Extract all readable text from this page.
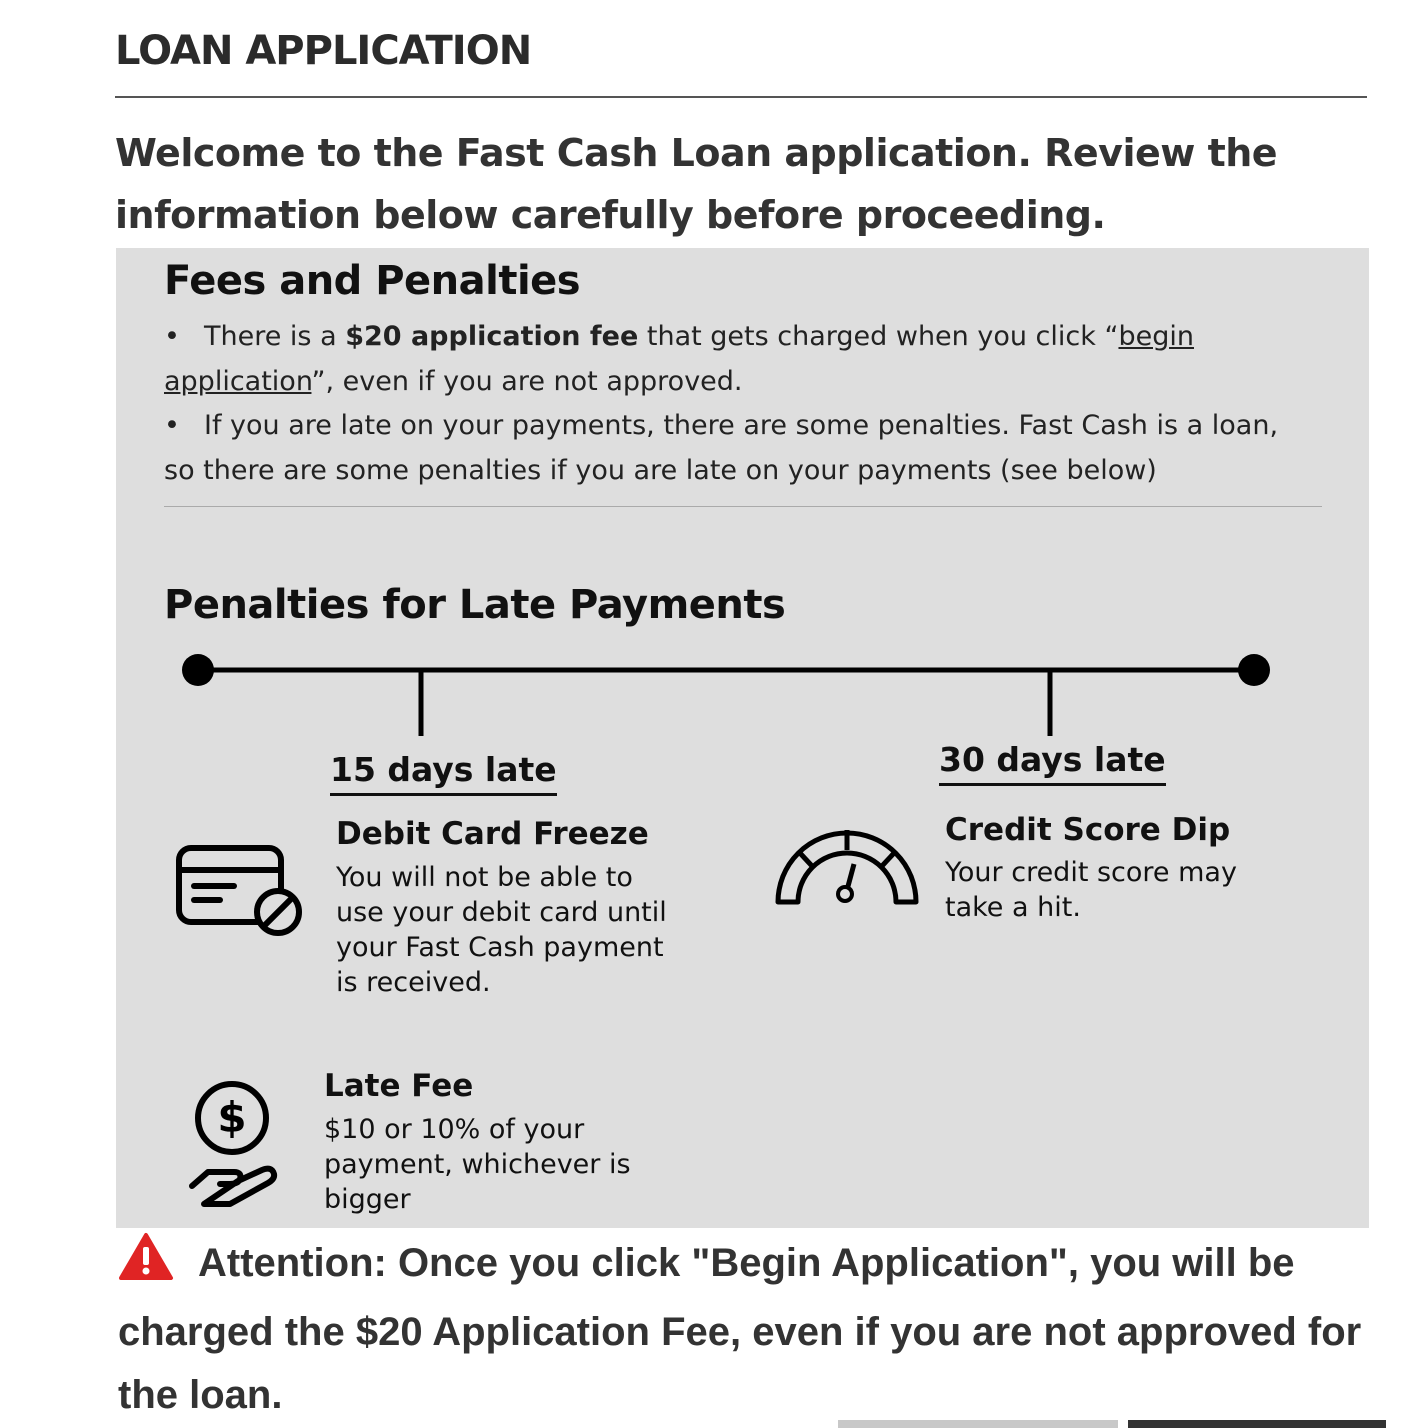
LOAN APPLICATION
Welcome to the Fast Cash Loan application. Review the information below carefully before proceeding.
Fees and Penalties
• There is a $20 application fee that gets charged when you click “begin application”, even if you are not approved.
• If you are late on your payments, there are some penalties. Fast Cash is a loan, so there are some penalties if you are late on your payments (see below)
Penalties for Late Payments
15 days late
Debit Card Freeze
You will not be able to use your debit card until your Fast Cash payment is received.
30 days late
Credit Score Dip
Your credit score may take a hit.
$
Late Fee
$10 or 10% of your payment, whichever is bigger
Attention: Once you click "Begin Application", you will be charged the $20 Application Fee, even if you are not approved for the loan.
